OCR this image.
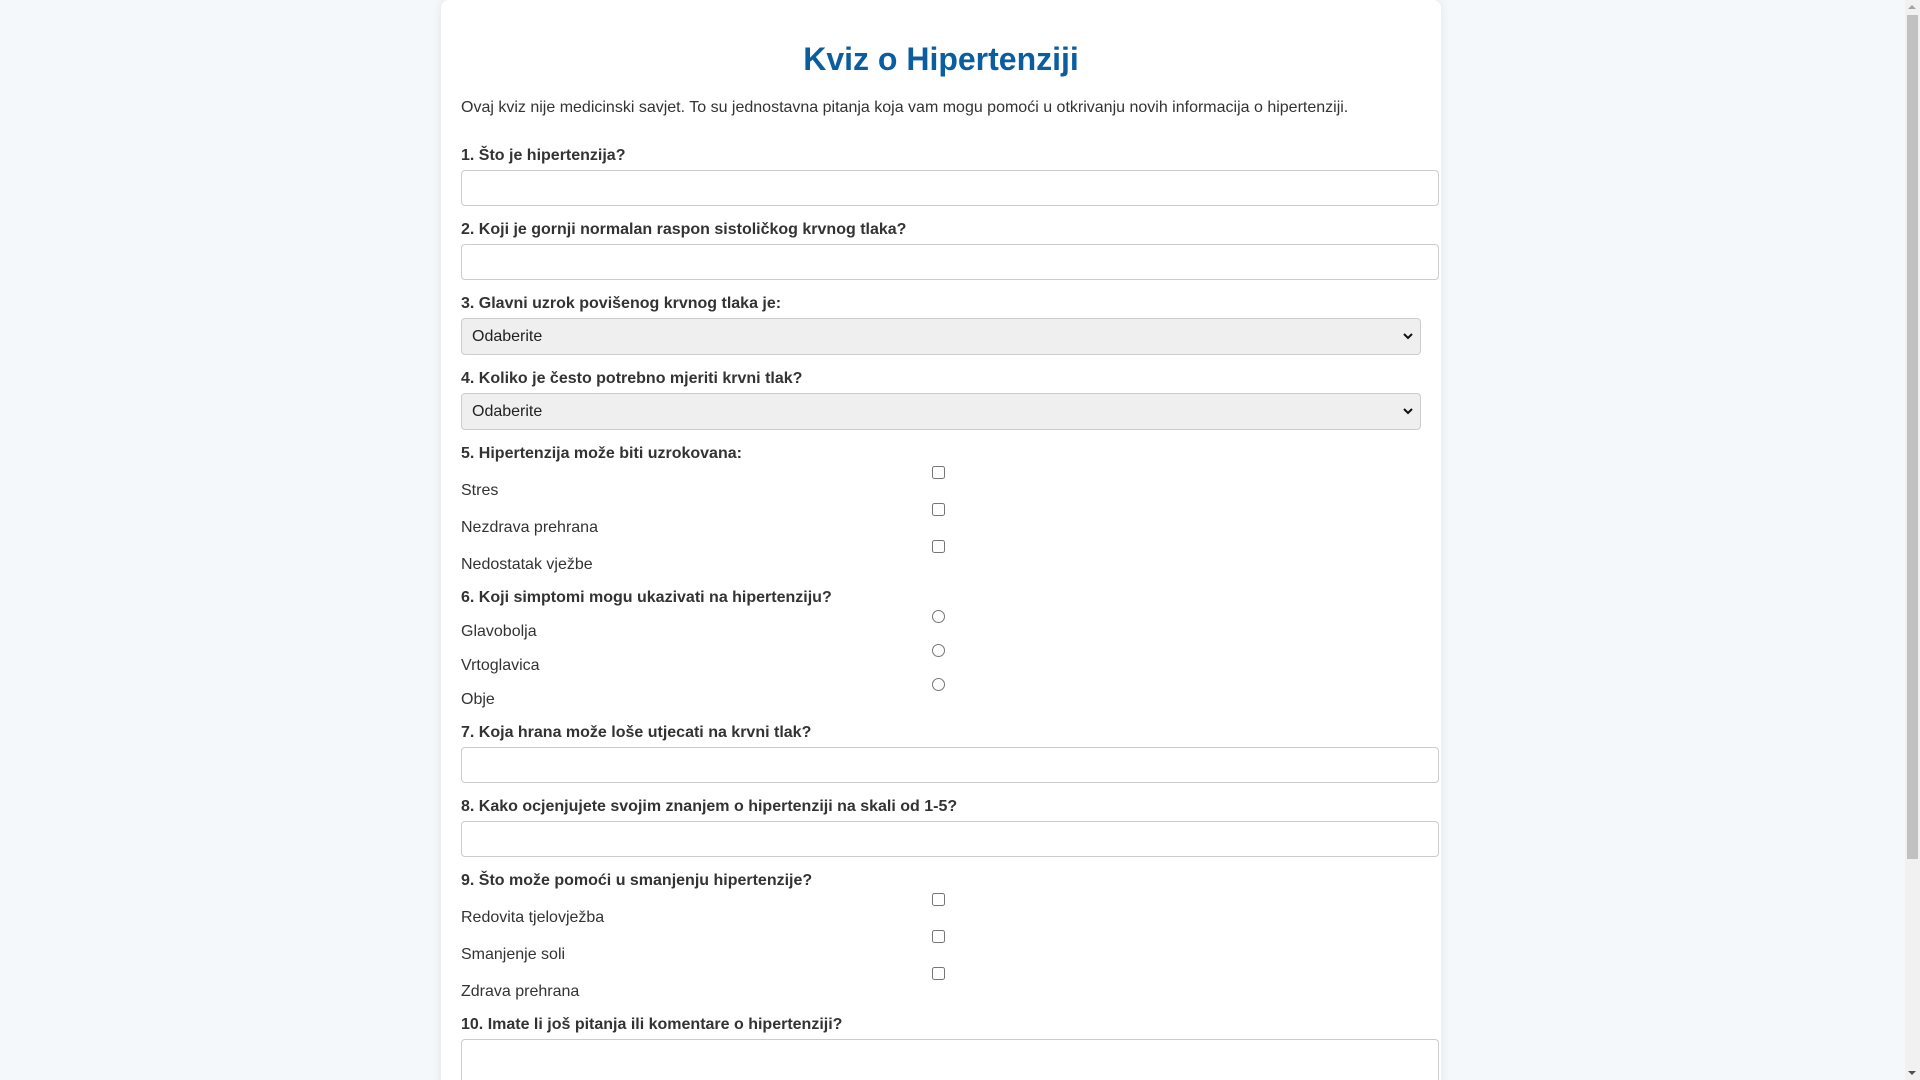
Kviz o Hipertenziji

Ovaj kviz nije medicinski savjet. To su jednostavna pitanja koja vam mogu pomoći u otkrivanju novih informacija o hipertenziji.

1. Što je hipertenzija?
2. Koji je gornji normalan raspon sistoličkog krvnog tlaka?
3. Glavni uzrok povišenog krvnog tlaka je:
Odaberite
4. Koliko je često potrebno mjeriti krvni tlak?
Odaberite
5. Hipertenzija može biti uzrokovana:
Stres
Nezdrava prehrana
Nedostatak vježbe
6. Koji simptomi mogu ukazivati na hipertenziju?
Glavobolja
Vrtoglavica
Obje
7. Koja hrana može loše utjecati na krvni tlak?
8. Kako ocjenjujete svojim znanjem o hipertenziji na skali od 1-5?
9. Što može pomoći u smanjenju hipertenzije?
Redovita tjelovježba
Smanjenje soli
Zdrava prehrana
10. Imate li još pitanja ili komentare o hipertenziji?
